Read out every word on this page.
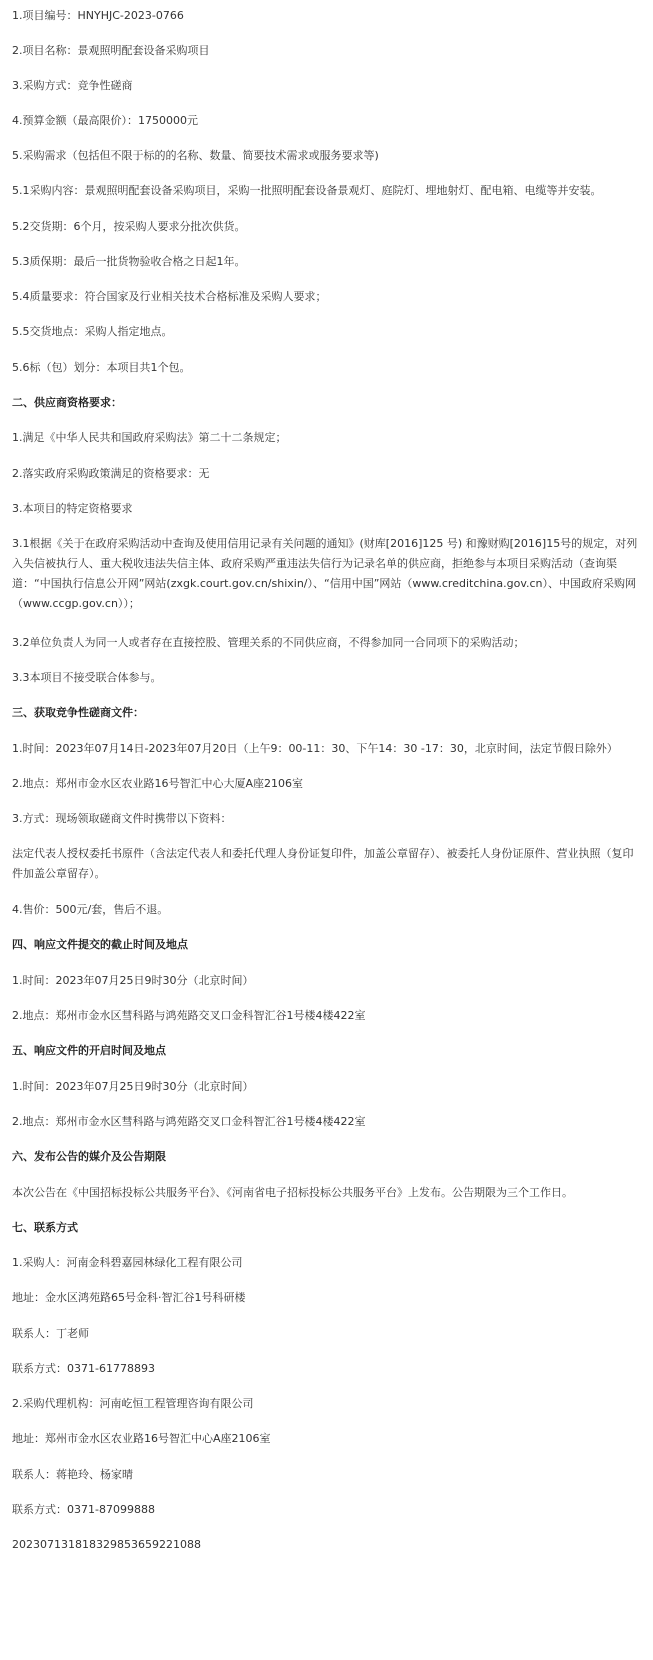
1.项目编号：HNYHJC-2023-0766

2.项目名称：景观照明配套设备采购项目

3.采购方式：竞争性磋商

4.预算金额（最高限价）：1750000元

5.采购需求（包括但不限于标的的名称、数量、简要技术需求或服务要求等)

5.1采购内容：景观照明配套设备采购项目，采购一批照明配套设备景观灯、庭院灯、埋地射灯、配电箱、电缆等并安装。

5.2交货期：6个月，按采购人要求分批次供货。

5.3质保期：最后一批货物验收合格之日起1年。

5.4质量要求：符合国家及行业相关技术合格标准及采购人要求；

5.5交货地点：采购人指定地点。

5.6标（包）划分：本项目共1个包。

二、供应商资格要求：

1.满足《中华人民共和国政府采购法》第二十二条规定；

2.落实政府采购政策满足的资格要求：无

3.本项目的特定资格要求

3.1根据《关于在政府采购活动中查询及使用信用记录有关问题的通知》(财库[2016]125 号) 和豫财购[2016]15号的规定，对列入失信被执行人、重大税收违法失信主体、政府采购严重违法失信行为记录名单的供应商，拒绝参与本项目采购活动（查询渠道：“中国执行信息公开网”网站(zxgk.court.gov.cn/shixin/）、“信用中国”网站（www.creditchina.gov.cn）、中国政府采购网（www.ccgp.gov.cn））；

3.2单位负责人为同一人或者存在直接控股、管理关系的不同供应商，不得参加同一合同项下的采购活动；

3.3本项目不接受联合体参与。

三、获取竞争性磋商文件：

1.时间：2023年07月14日-2023年07月20日（上午9：00-11：30、下午14：30 -17：30，北京时间，法定节假日除外）

2.地点：郑州市金水区农业路16号智汇中心大厦A座2106室

3.方式：现场领取磋商文件时携带以下资料：

法定代表人授权委托书原件（含法定代表人和委托代理人身份证复印件，加盖公章留存）、被委托人身份证原件、营业执照（复印件加盖公章留存）。

4.售价：500元/套，售后不退。

四、响应文件提交的截止时间及地点

1.时间：2023年07月25日9时30分（北京时间）

2.地点：郑州市金水区彗科路与鸿苑路交叉口金科智汇谷1号楼4楼422室

五、响应文件的开启时间及地点

1.时间：2023年07月25日9时30分（北京时间）

2.地点：郑州市金水区彗科路与鸿苑路交叉口金科智汇谷1号楼4楼422室

六、发布公告的媒介及公告期限

本次公告在《中国招标投标公共服务平台》、《河南省电子招标投标公共服务平台》上发布。公告期限为三个工作日。

七、联系方式

1.采购人：河南金科碧嘉园林绿化工程有限公司

地址：金水区鸿苑路65号金科·智汇谷1号科研楼

联系人：丁老师

联系方式：0371-61778893

2.采购代理机构：河南屹恒工程管理咨询有限公司

地址：郑州市金水区农业路16号智汇中心A座2106室

联系人：蒋艳玲、杨家晴

联系方式：0371-87099888

202307131818329853659221088
